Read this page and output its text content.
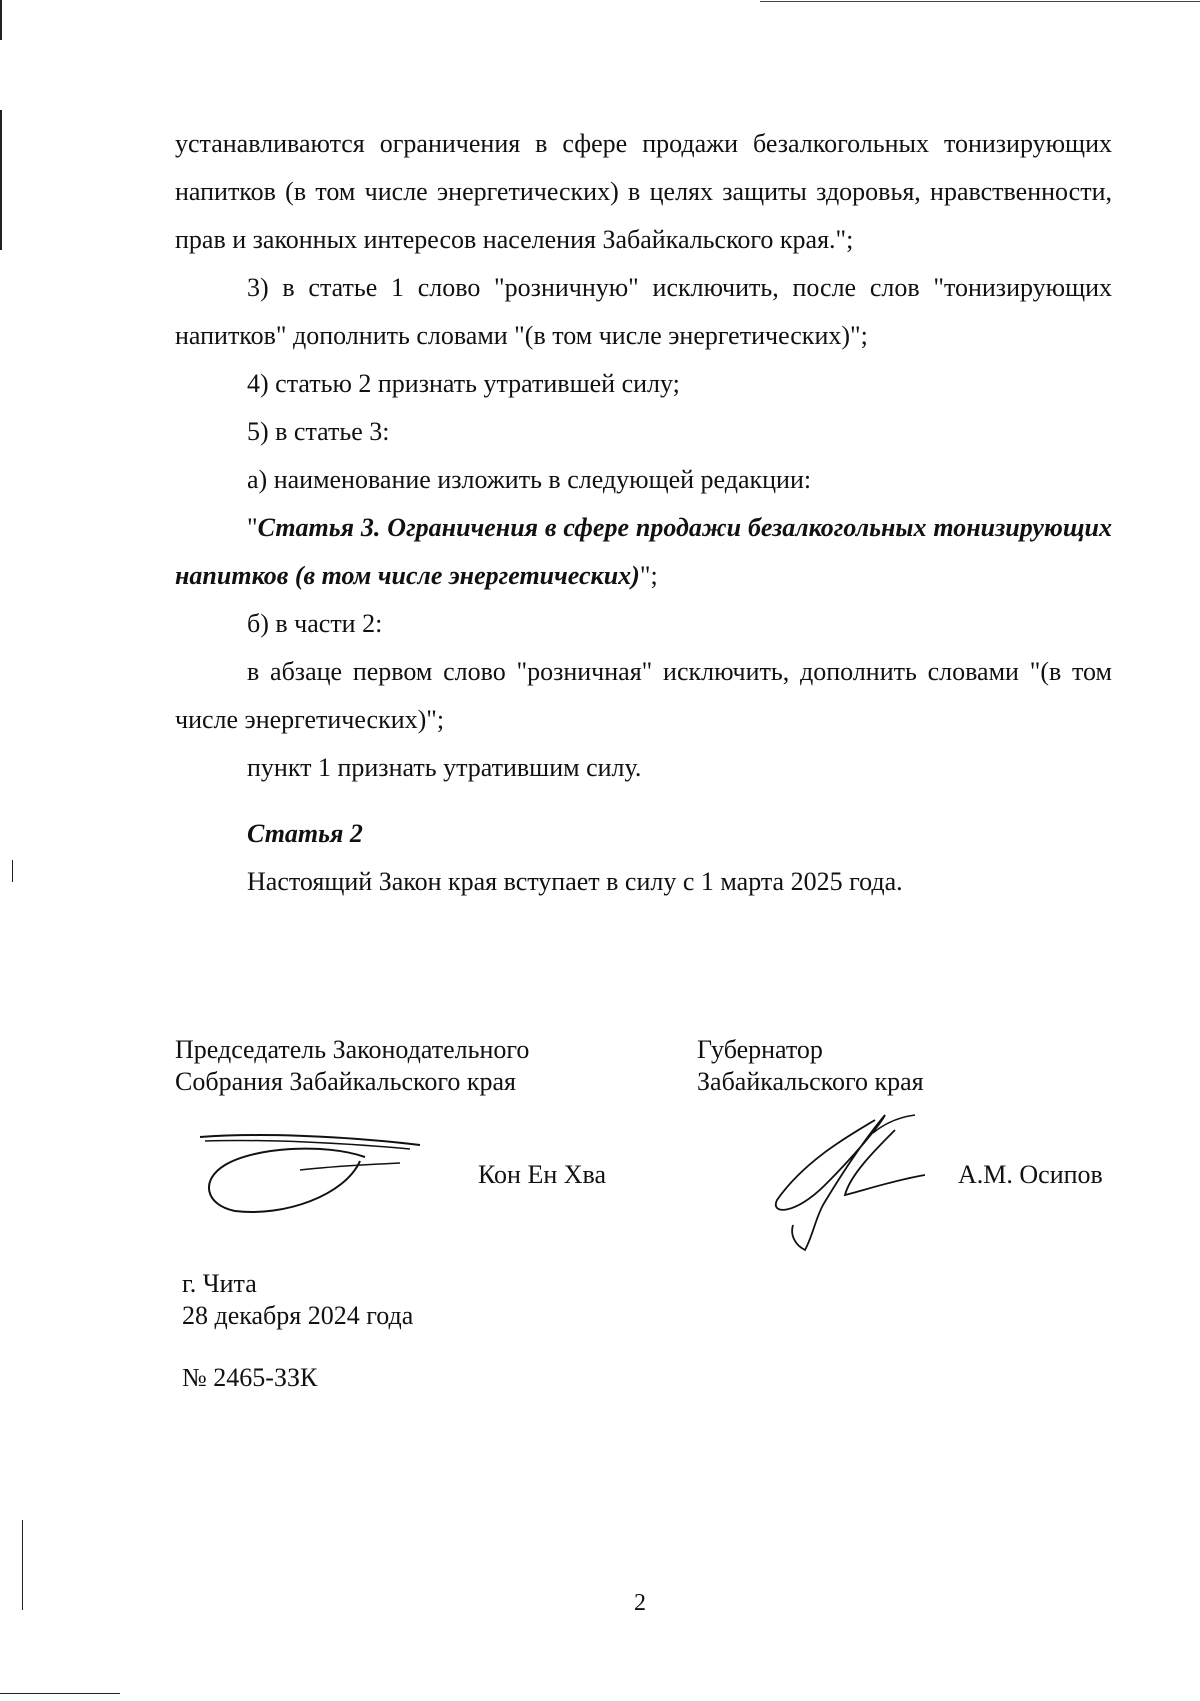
устанавливаются ограничения в сфере продажи безалкогольных тонизирующих напитков (в том числе энергетических) в целях защиты здоровья, нравственности, прав и законных интересов населения Забайкальского края.";

3) в статье 1 слово "розничную" исключить, после слов "тонизирующих напитков" дополнить словами "(в том числе энергетических)";

4) статью 2 признать утратившей силу;

5) в статье 3:

а) наименование изложить в следующей редакции:

"Статья 3. Ограничения в сфере продажи безалкогольных тонизирующих напитков (в том числе энергетических)";

б) в части 2:

в абзаце первом слово "розничная" исключить, дополнить словами "(в том числе энергетических)";

пункт 1 признать утратившим силу.

Статья 2

Настоящий Закон края вступает в силу с 1 марта 2025 года.

Председатель Законодательного
Собрания Забайкальского края
Кон Ен Хва
Губернатор
Забайкальского края
А.М. Осипов
г. Чита
28 декабря 2024 года
№ 2465-ЗЗК
2
